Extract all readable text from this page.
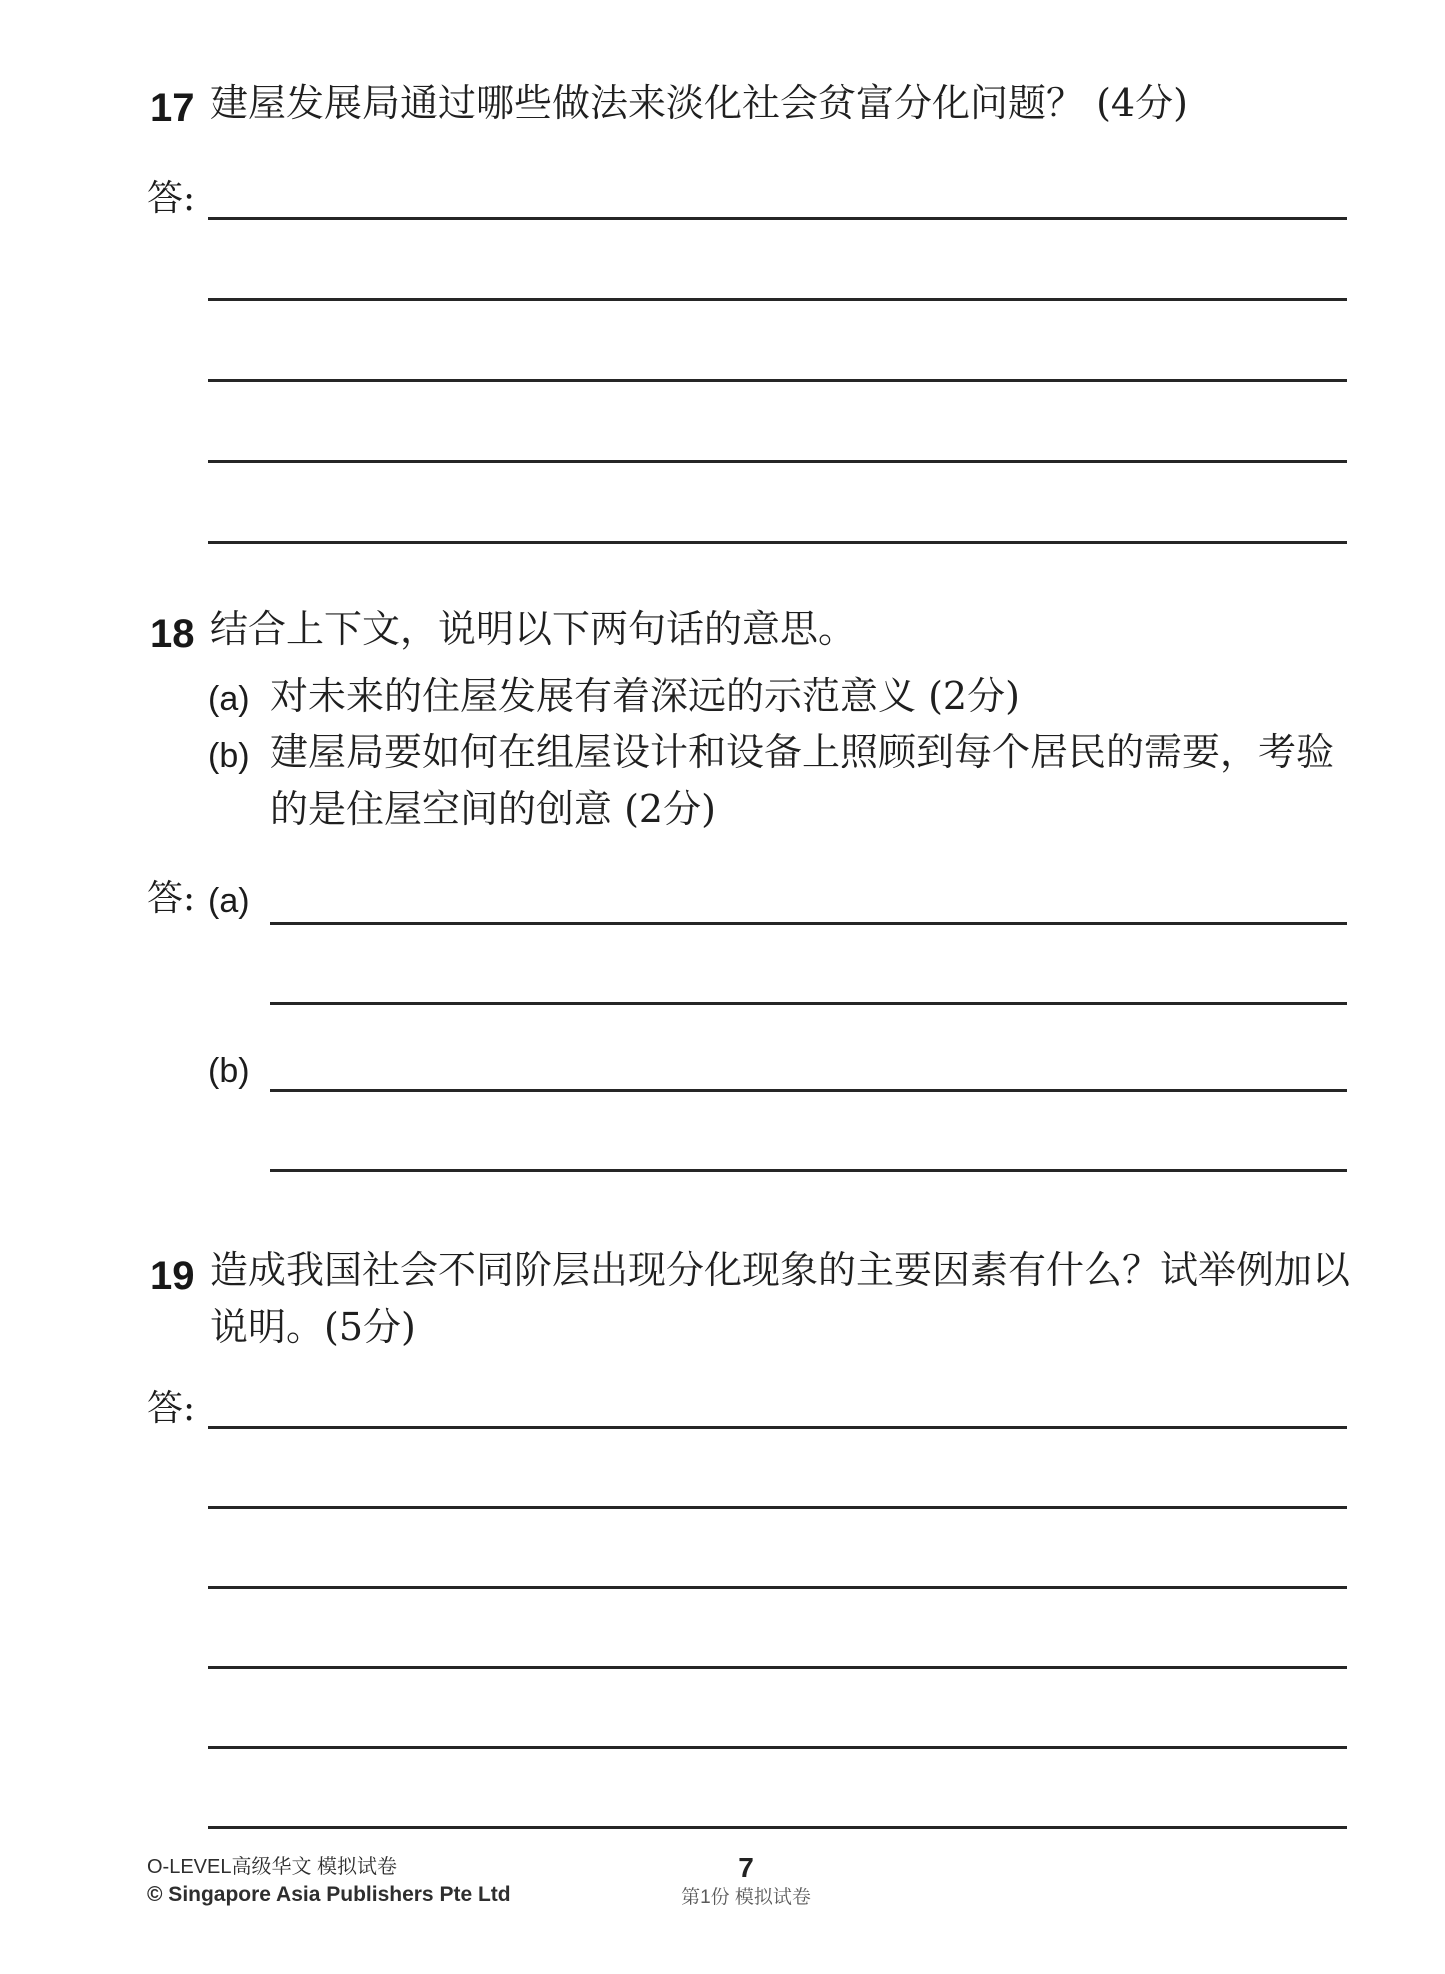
17 建屋发展局通过哪些做法来淡化社会贫富分化问题？ (4分)
答:
18 结合上下文，说明以下两句话的意思。
(a) 对未来的住屋发展有着深远的示范意义 (2分)
(b) 建屋局要如何在组屋设计和设备上照顾到每个居民的需要，考验
的是住屋空间的创意 (2分)
答: (a)
(b)
19 造成我国社会不同阶层出现分化现象的主要因素有什么？试举例加以
说明。(5分)
答:
O-LEVEL高级华文 模拟试卷
© Singapore Asia Publishers Pte Ltd
7
第1份 模拟试卷
